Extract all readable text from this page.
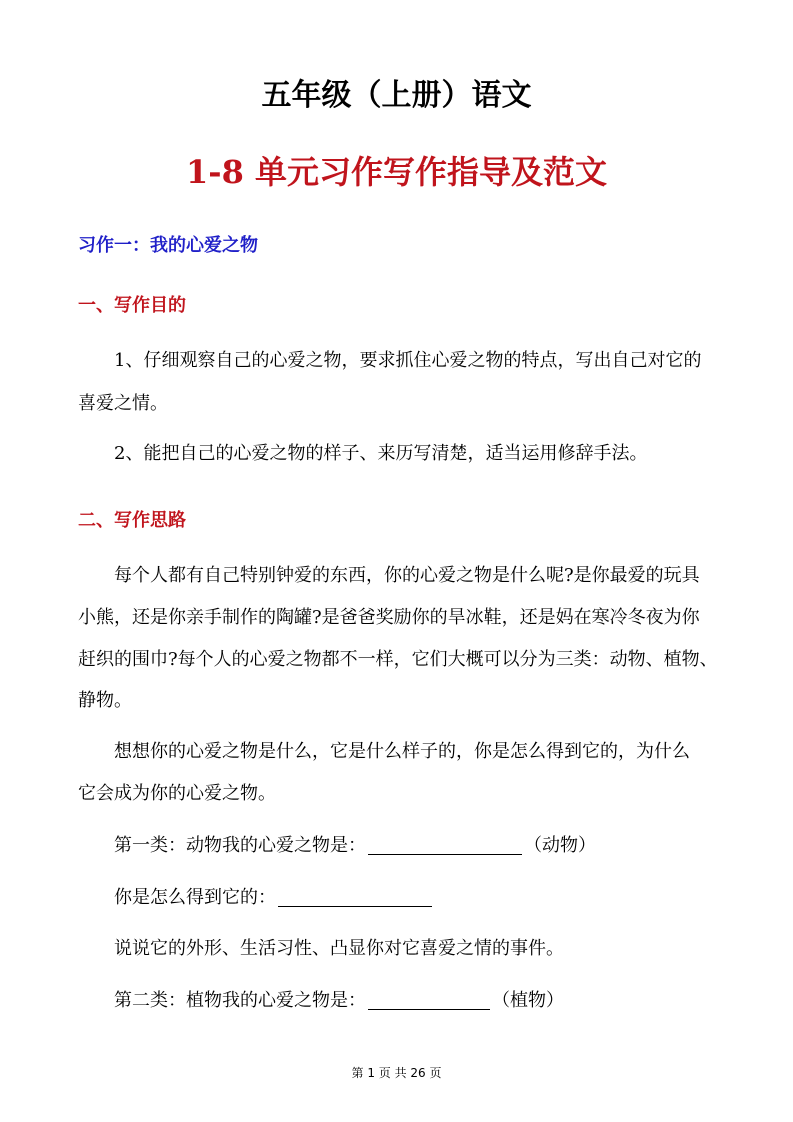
五年级（上册）语文
1-8 单元习作写作指导及范文
习作一：我的心爱之物
一、写作目的
1、仔细观察自己的心爱之物，要求抓住心爱之物的特点，写出自己对它的
喜爱之情。
2、能把自己的心爱之物的样子、来历写清楚，适当运用修辞手法。
二、写作思路
每个人都有自己特别钟爱的东西，你的心爱之物是什么呢?是你最爱的玩具
小熊，还是你亲手制作的陶罐?是爸爸奖励你的旱冰鞋，还是妈在寒冷冬夜为你
赶织的围巾?每个人的心爱之物都不一样，它们大概可以分为三类：动物、植物、
静物。
想想你的心爱之物是什么，它是什么样子的，你是怎么得到它的，为什么
它会成为你的心爱之物。
第一类：动物我的心爱之物是：	（动物）
你是怎么得到它的：
说说它的外形、生活习性、凸显你对它喜爱之情的事件。
第二类：植物我的心爱之物是：	（植物）
第 1 页 共 26 页
